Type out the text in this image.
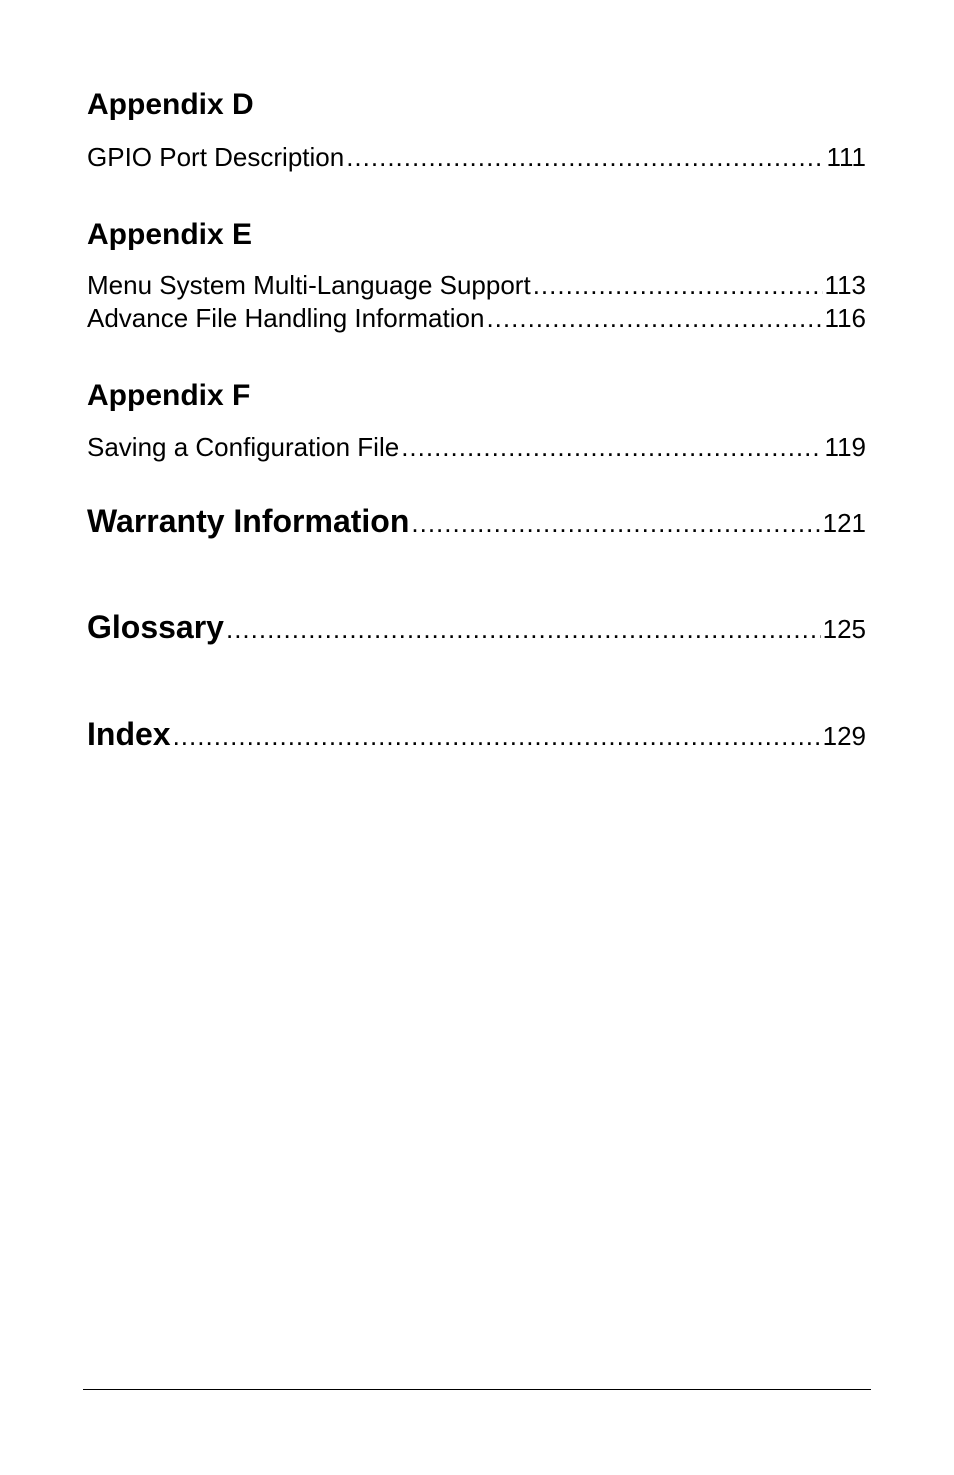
Appendix D
GPIO Port Description .....	111
Appendix E
Menu System Multi-Language Support .....	113
Advance File Handling Information .....	116
Appendix F
Saving a Configuration File .....	119
Warranty Information .....	121
Glossary .....	125
Index .....	129
